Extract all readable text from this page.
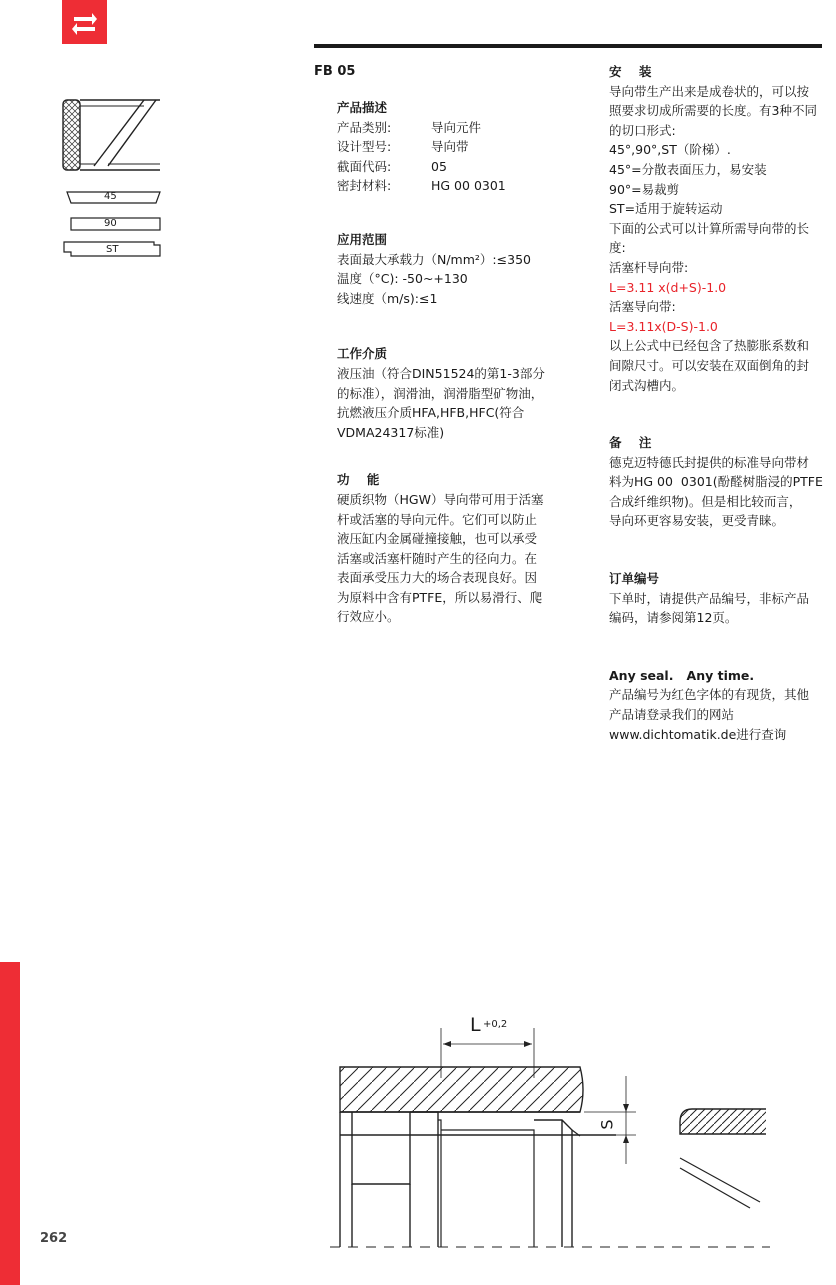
262
45
90
ST
FB 05

产品描述

产品类别:	导向元件
设计型号:	导向带
截面代码:	05
密封材料:	HG 00 0301

应用范围

表面最大承载力（N/mm²）:≤350

温度（°C): -50~+130

线速度（m/s):≤1

工作介质

液压油（符合DIN51524的第1-3部分

的标准），润滑油，润滑脂型矿物油，

抗燃液压介质HFA,HFB,HFC(符合

VDMA24317标准)

功    能

硬质织物（HGW）导向带可用于活塞

杆或活塞的导向元件。它们可以防止

液压缸内金属碰撞接触，也可以承受

活塞或活塞杆随时产生的径向力。在

表面承受压力大的场合表现良好。因

为原料中含有PTFE，所以易滑行、爬

行效应小。

安    装

导向带生产出来是成卷状的，可以按

照要求切成所需要的长度。有3种不同

的切口形式:

45°,90°,ST（阶梯）.

45°=分散表面压力，易安装

90°=易裁剪

ST=适用于旋转运动

下面的公式可以计算所需导向带的长

度:

活塞杆导向带:

L=3.11 x(d+S)-1.0

活塞导向带:

L=3.11x(D-S)-1.0

以上公式中已经包含了热膨胀系数和

间隙尺寸。可以安装在双面倒角的封

闭式沟槽内。

备    注

德克迈特德氏封提供的标准导向带材

料为HG 00  0301(酚醛树脂浸的PTFE

合成纤维织物)。但是相比较而言，

导向环更容易安装，更受青睐。

订单编号

下单时，请提供产品编号，非标产品

编码，请参阅第12页。

Any seal.   Any time.

产品编号为红色字体的有现货，其他

产品请登录我们的网站

www.dichtomatik.de进行查询

L +0,2
S
